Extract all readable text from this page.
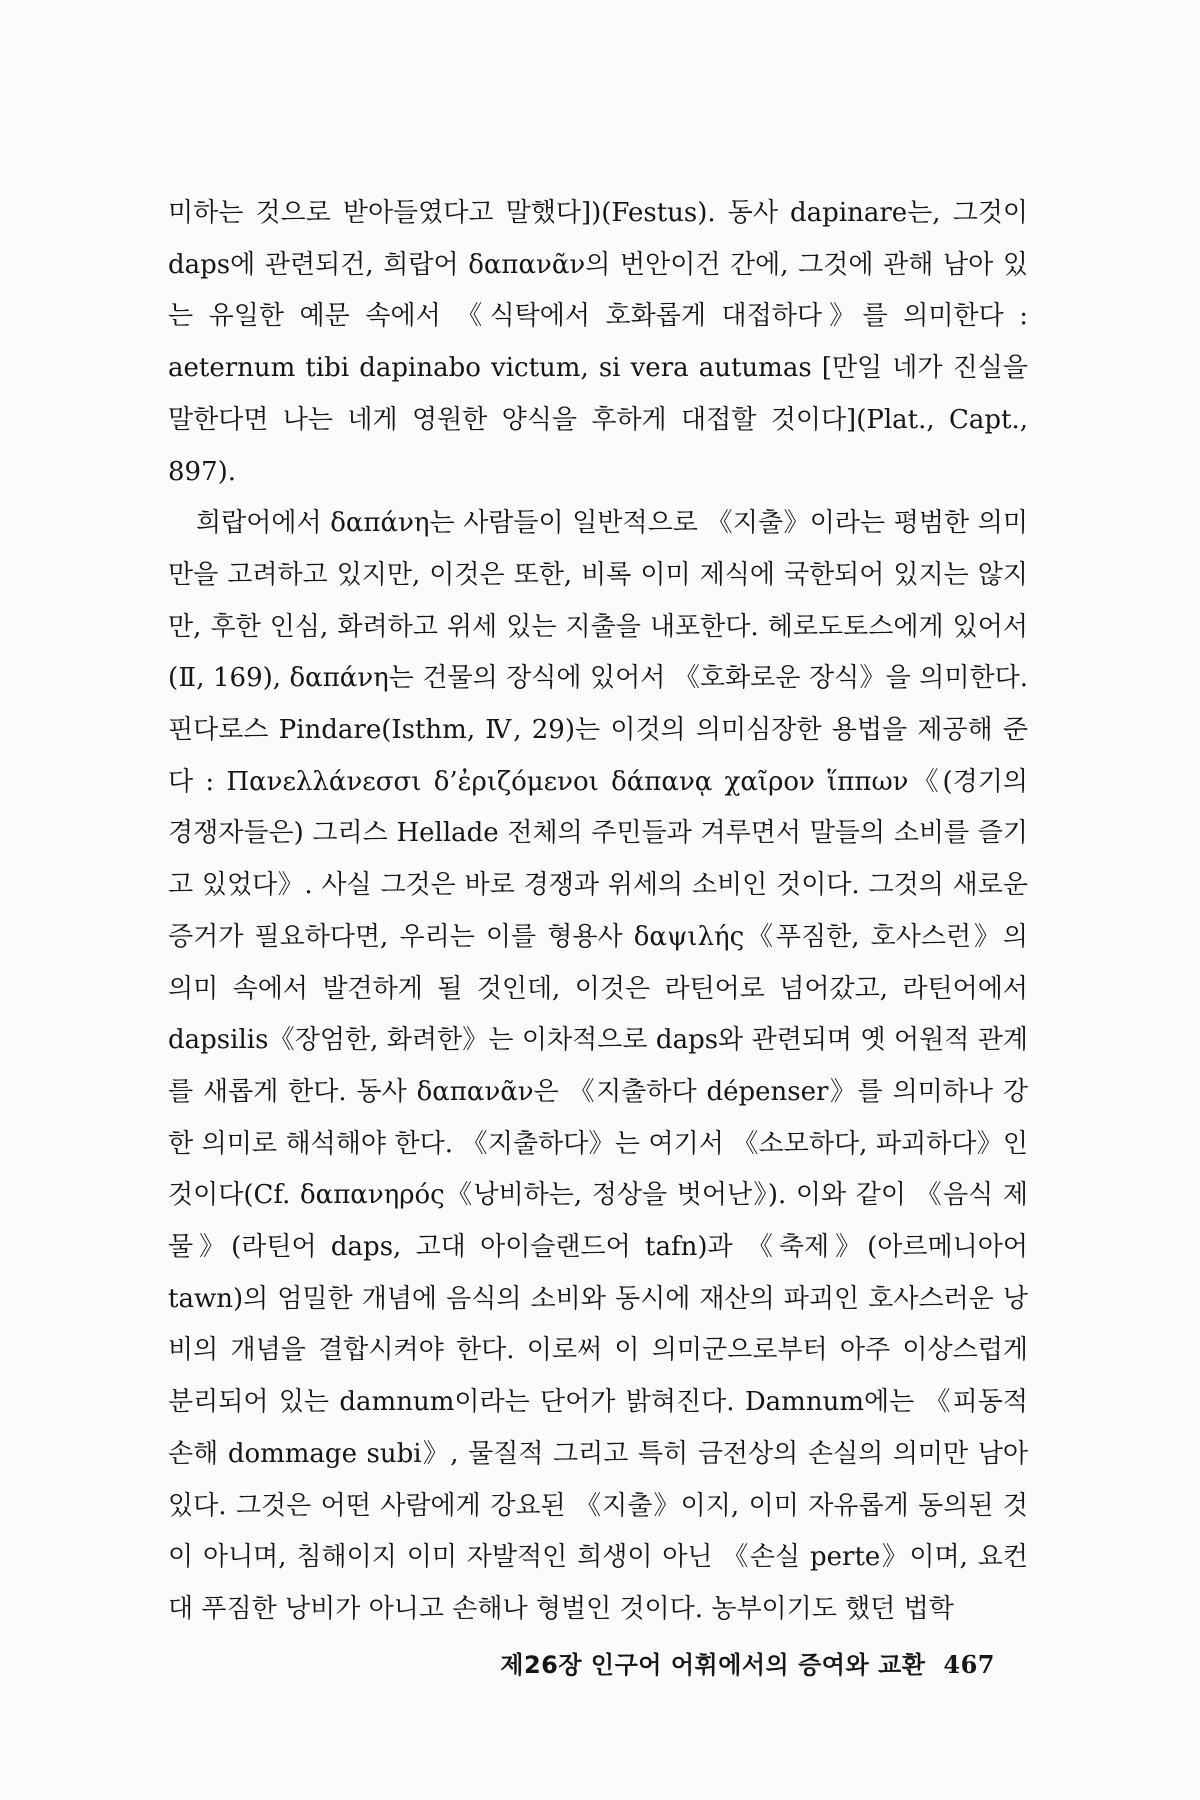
미하는 것으로 받아들였다고 말했다])(Festus). 동사 dapinare는, 그것이 daps에 관련되건, 희랍어 δαπανᾶν의 번안이건 간에, 그것에 관해 남아 있는 유일한 예문 속에서 《식탁에서 호화롭게 대접하다》를 의미한다 : aeternum tibi dapinabo victum, si vera autumas [만일 네가 진실을 말한다면 나는 네게 영원한 양식을 후하게 대접할 것이다](Plat., Capt., 897).

희랍어에서 δαπάνη는 사람들이 일반적으로 《지출》이라는 평범한 의미만을 고려하고 있지만, 이것은 또한, 비록 이미 제식에 국한되어 있지는 않지만, 후한 인심, 화려하고 위세 있는 지출을 내포한다. 헤로도토스에게 있어서(Ⅱ, 169), δαπάνη는 건물의 장식에 있어서 《호화로운 장식》을 의미한다. 핀다로스 Pindare(Isthm, Ⅳ, 29)는 이것의 의미심장한 용법을 제공해 준다 : Πανελλάνεσσι δ’ἐριζόμενοι δάπανᾳ χαῖρον ἵππων《(경기의 경쟁자들은) 그리스 Hellade 전체의 주민들과 겨루면서 말들의 소비를 즐기고 있었다》. 사실 그것은 바로 경쟁과 위세의 소비인 것이다. 그것의 새로운 증거가 필요하다면, 우리는 이를 형용사 δαψιλής《푸짐한, 호사스런》의 의미 속에서 발견하게 될 것인데, 이것은 라틴어로 넘어갔고, 라틴어에서 dapsilis《장엄한, 화려한》는 이차적으로 daps와 관련되며 옛 어원적 관계를 새롭게 한다. 동사 δαπανᾶν은 《지출하다 dépenser》를 의미하나 강한 의미로 해석해야 한다. 《지출하다》는 여기서 《소모하다, 파괴하다》인 것이다(Cf. δαπανηρός《낭비하는, 정상을 벗어난》). 이와 같이 《음식 제물》(라틴어 daps, 고대 아이슬랜드어 tafn)과 《축제》(아르메니아어 tawn)의 엄밀한 개념에 음식의 소비와 동시에 재산의 파괴인 호사스러운 낭비의 개념을 결합시켜야 한다. 이로써 이 의미군으로부터 아주 이상스럽게 분리되어 있는 damnum이라는 단어가 밝혀진다. Damnum에는 《피동적 손해 dommage subi》, 물질적 그리고 특히 금전상의 손실의 의미만 남아 있다. 그것은 어떤 사람에게 강요된 《지출》이지, 이미 자유롭게 동의된 것이 아니며, 침해이지 이미 자발적인 희생이 아닌 《손실 perte》이며, 요컨대 푸짐한 낭비가 아니고 손해나 형벌인 것이다. 농부이기도 했던 법학

제26장 인구어 어휘에서의 증여와 교환 467
